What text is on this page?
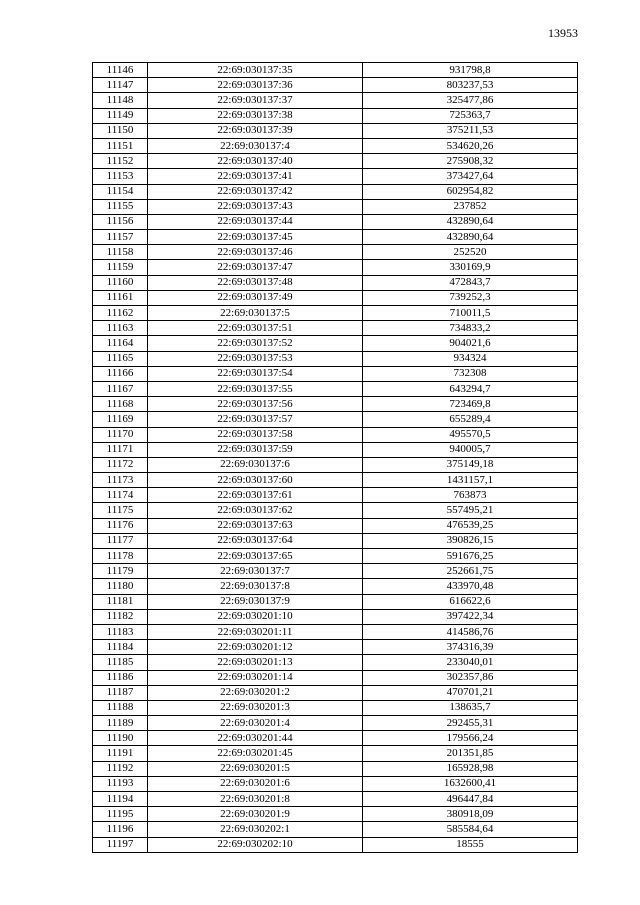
13953
11146	22:69:030137:35	931798,8
11147	22:69:030137:36	803237,53
11148	22:69:030137:37	325477,86
11149	22:69:030137:38	725363,7
11150	22:69:030137:39	375211,53
11151	22:69:030137:4	534620,26
11152	22:69:030137:40	275908,32
11153	22:69:030137:41	373427,64
11154	22:69:030137:42	602954,82
11155	22:69:030137:43	237852
11156	22:69:030137:44	432890,64
11157	22:69:030137:45	432890,64
11158	22:69:030137:46	252520
11159	22:69:030137:47	330169,9
11160	22:69:030137:48	472843,7
11161	22:69:030137:49	739252,3
11162	22:69:030137:5	710011,5
11163	22:69:030137:51	734833,2
11164	22:69:030137:52	904021,6
11165	22:69:030137:53	934324
11166	22:69:030137:54	732308
11167	22:69:030137:55	643294,7
11168	22:69:030137:56	723469,8
11169	22:69:030137:57	655289,4
11170	22:69:030137:58	495570,5
11171	22:69:030137:59	940005,7
11172	22:69:030137:6	375149,18
11173	22:69:030137:60	1431157,1
11174	22:69:030137:61	763873
11175	22:69:030137:62	557495,21
11176	22:69:030137:63	476539,25
11177	22:69:030137:64	390826,15
11178	22:69:030137:65	591676,25
11179	22:69:030137:7	252661,75
11180	22:69:030137:8	433970,48
11181	22:69:030137:9	616622,6
11182	22:69:030201:10	397422,34
11183	22:69:030201:11	414586,76
11184	22:69:030201:12	374316,39
11185	22:69:030201:13	233040,01
11186	22:69:030201:14	302357,86
11187	22:69:030201:2	470701,21
11188	22:69:030201:3	138635,7
11189	22:69:030201:4	292455,31
11190	22:69:030201:44	179566,24
11191	22:69:030201:45	201351,85
11192	22:69:030201:5	165928,98
11193	22:69:030201:6	1632600,41
11194	22:69:030201:8	496447,84
11195	22:69:030201:9	380918,09
11196	22:69:030202:1	585584,64
11197	22:69:030202:10	18555
